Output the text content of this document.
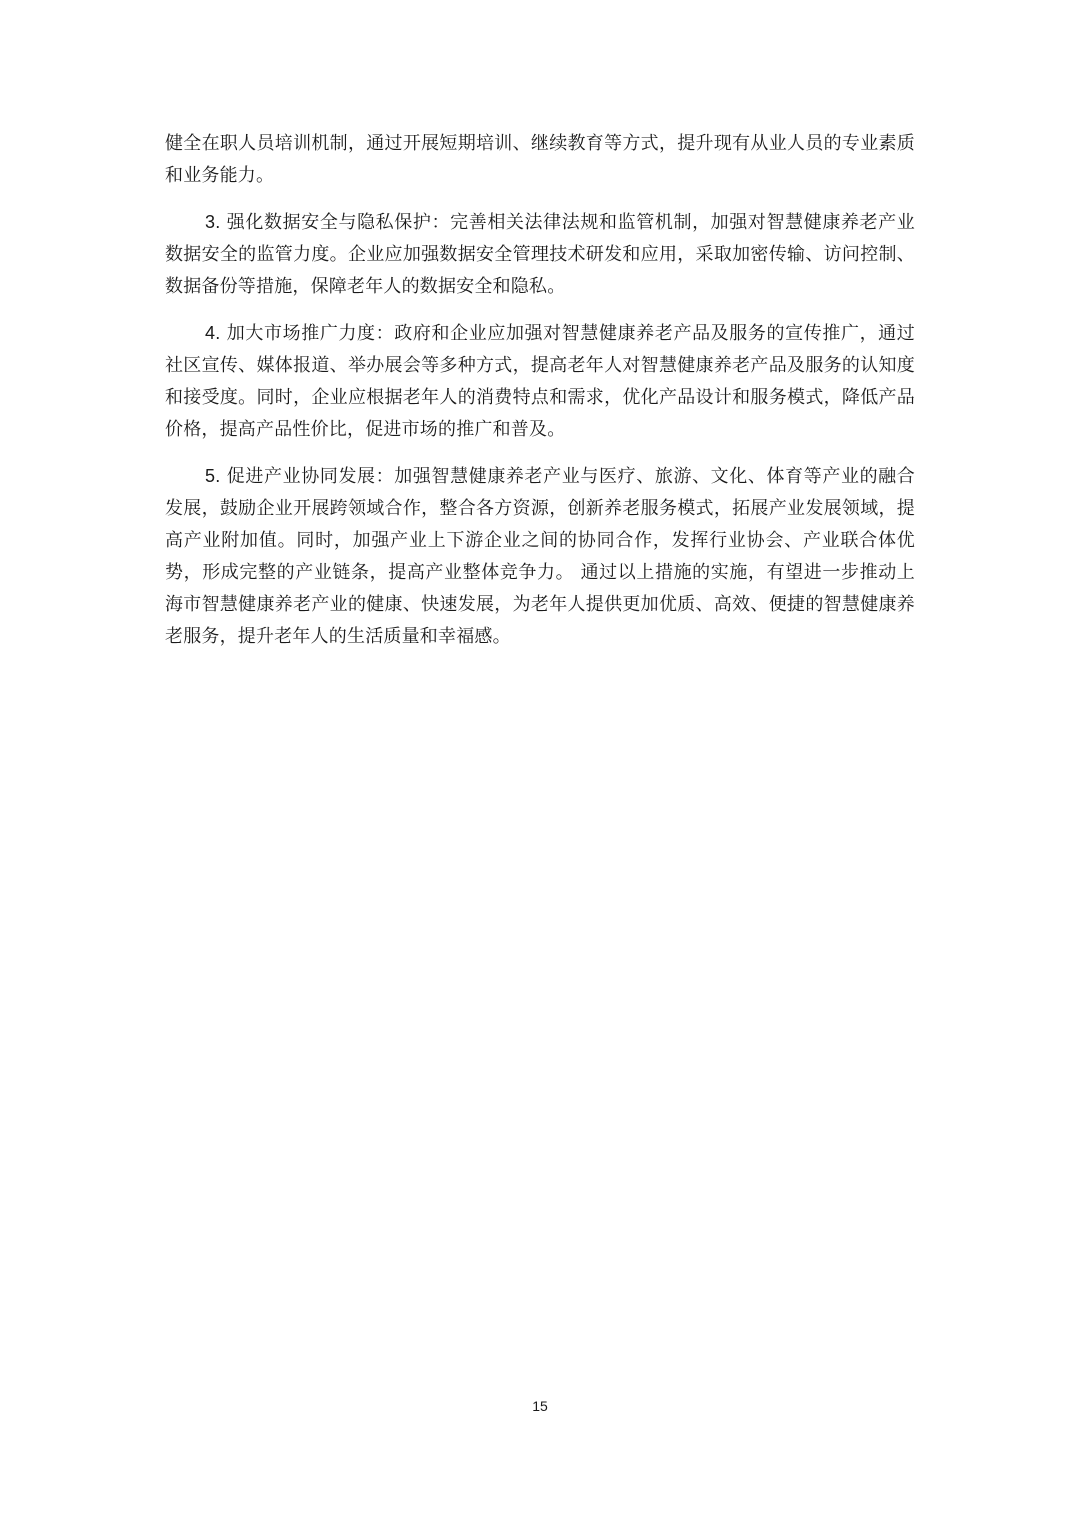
健全在职人员培训机制，通过开展短期培训、继续教育等方式，提升现有从业人员的专业素质和业务能力。

3. 强化数据安全与隐私保护：完善相关法律法规和监管机制，加强对智慧健康养老产业数据安全的监管力度。企业应加强数据安全管理技术研发和应用，采取加密传输、访问控制、数据备份等措施，保障老年人的数据安全和隐私。

4. 加大市场推广力度：政府和企业应加强对智慧健康养老产品及服务的宣传推广，通过社区宣传、媒体报道、举办展会等多种方式，提高老年人对智慧健康养老产品及服务的认知度和接受度。同时，企业应根据老年人的消费特点和需求，优化产品设计和服务模式，降低产品价格，提高产品性价比，促进市场的推广和普及。

5. 促进产业协同发展：加强智慧健康养老产业与医疗、旅游、文化、体育等产业的融合发展，鼓励企业开展跨领域合作，整合各方资源，创新养老服务模式，拓展产业发展领域，提高产业附加值。同时，加强产业上下游企业之间的协同合作，发挥行业协会、产业联合体优势，形成完整的产业链条，提高产业整体竞争力。 通过以上措施的实施，有望进一步推动上海市智慧健康养老产业的健康、快速发展，为老年人提供更加优质、高效、便捷的智慧健康养老服务，提升老年人的生活质量和幸福感。

15
